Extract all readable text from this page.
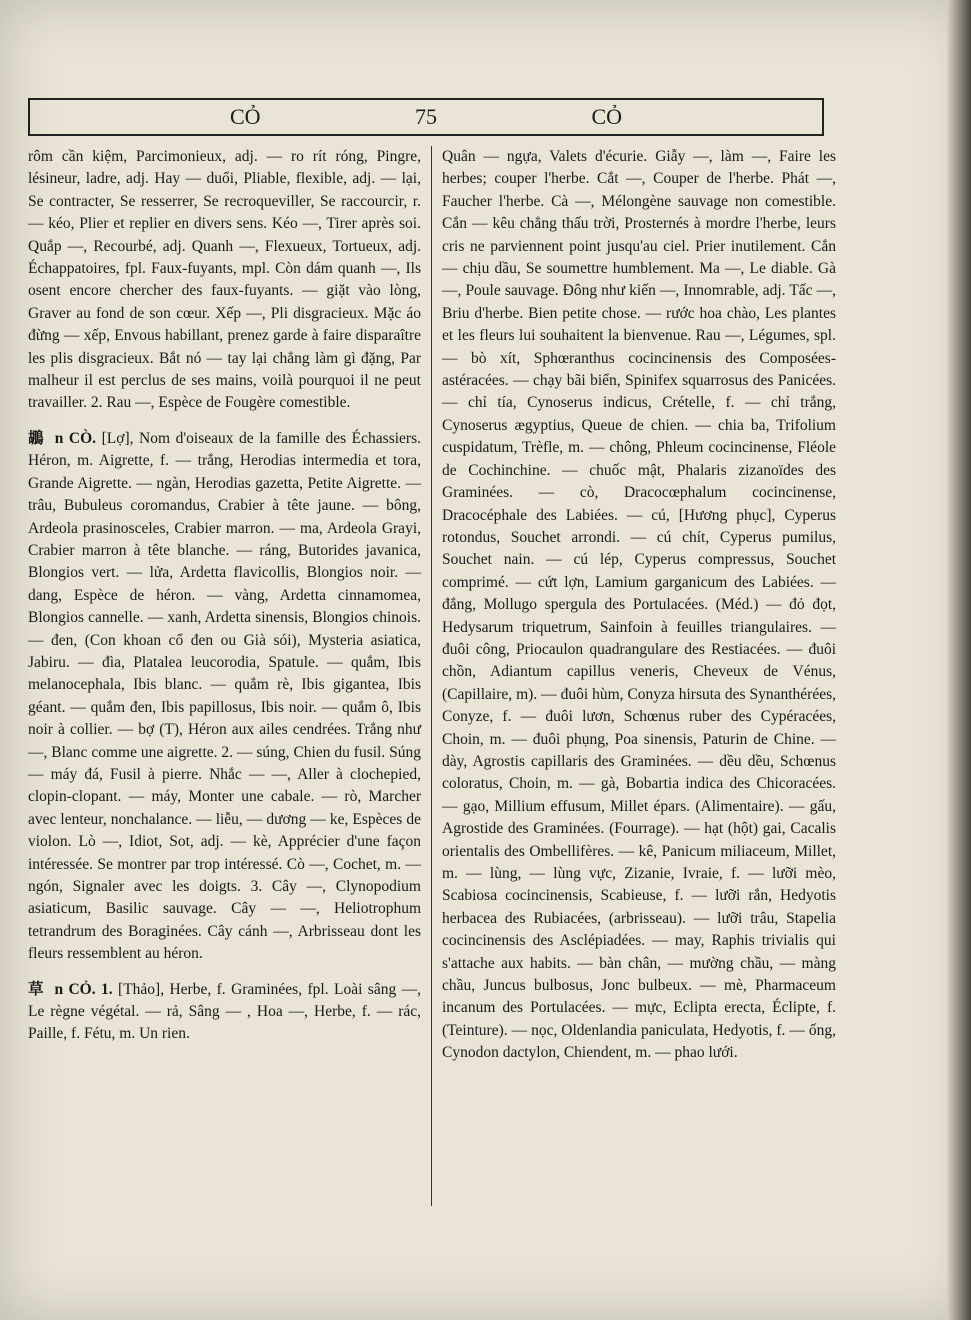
CỎ	75	CỎ

rôm cần kiệm, Parcimonieux, adj. — ro rít róng, Pingre, lésineur, ladre, adj. Hay — duổi, Pliable, flexible, adj. — lại, Se contracter, Se resserrer, Se recroqueviller, Se raccourcir, r. — kéo, Plier et replier en divers sens. Kéo —, Tirer après soi. Quắp —, Recourbé, adj. Quanh —, Flexueux, Tortueux, adj. Échappatoires, fpl. Faux-fuyants, mpl. Còn dám quanh —, Ils osent encore chercher des faux-fuyants. — giặt vào lòng, Graver au fond de son cœur. Xếp —, Pli disgracieux. Mặc áo đừng — xếp, Envous habillant, prenez garde à faire disparaître les plis disgracieux. Bắt nó — tay lại chẳng làm gì đặng, Par malheur il est perclus de ses mains, voilà pourquoi il ne peut travailler. 2. Rau —, Espèce de Fougère comestible.

鶘 n CÒ. [Lợ], Nom d'oiseaux de la famille des Échassiers. Héron, m. Aigrette, f. — trắng, Herodias intermedia et tora, Grande Aigrette. — ngàn, Herodias gazetta, Petite Aigrette. — trâu, Bubuleus coromandus, Crabier à tête jaune. — bông, Ardeola prasinosceles, Crabier marron. — ma, Ardeola Grayi, Crabier marron à tête blanche. — ráng, Butorides javanica, Blongios vert. — lửa, Ardetta flavicollis, Blongios noir. — dang, Espèce de héron. — vàng, Ardetta cinnamomea, Blongios cannelle. — xanh, Ardetta sinensis, Blongios chinois. — đen, (Con khoan cổ đen ou Già sói), Mysteria asiatica, Jabiru. — đìa, Platalea leucorodia, Spatule. — quắm, Ibis melanocephala, Ibis blanc. — quắm rè, Ibis gigantea, Ibis géant. — quắm đen, Ibis papillosus, Ibis noir. — quắm ô, Ibis noir à collier. — bợ (T), Héron aux ailes cendrées. Trắng như —, Blanc comme une aigrette. 2. — súng, Chien du fusil. Súng — máy đá, Fusil à pierre. Nhắc — —, Aller à clochepied, clopin-clopant. — máy, Monter une cabale. — rò, Marcher avec lenteur, nonchalance. — liễu, — dương — ke, Espèces de violon. Lò —, Idiot, Sot, adj. — kè, Apprécier d'une façon intéressée. Se montrer par trop intéressé. Cò —, Cochet, m. — ngón, Signaler avec les doigts. 3. Cây —, Clynopodium asiaticum, Basilic sauvage. Cây — —, Heliotrophum tetrandrum des Boraginées. Cây cánh —, Arbrisseau dont les fleurs ressemblent au héron.

草 n CỎ. 1. [Thảo], Herbe, f. Graminées, fpl. Loài sâng —, Le règne végétal. — rả, Sâng — , Hoa —, Herbe, f. — rác, Paille, f. Fétu, m. Un rien.

Quân — ngựa, Valets d'écurie. Giẫy —, làm —, Faire les herbes; couper l'herbe. Cắt —, Couper de l'herbe. Phát —, Faucher l'herbe. Cà —, Mélongène sauvage non comestible. Cắn — kêu chẳng thấu trời, Prosternés à mordre l'herbe, leurs cris ne parviennent point jusqu'au ciel. Prier inutilement. Cắn — chịu dầu, Se soumettre humblement. Ma —, Le diable. Gà —, Poule sauvage. Đông như kiến —, Innomrable, adj. Tấc —, Briu d'herbe. Bien petite chose. — rước hoa chào, Les plantes et les fleurs lui souhaitent la bienvenue. Rau —, Légumes, spl. — bò xít, Sphœranthus cocincinensis des Composées-astéracées. — chạy bãi biển, Spinifex squarrosus des Panicées. — chỉ tía, Cynoserus indicus, Crételle, f. — chỉ trắng, Cynoserus ægyptius, Queue de chien. — chia ba, Trifolium cuspidatum, Trèfle, m. — chông, Phleum cocincinense, Fléole de Cochinchine. — chuốc mật, Phalaris zizanoïdes des Graminées. — cò, Dracocœphalum cocincinense, Dracocéphale des Labiées. — cú, [Hương phục], Cyperus rotondus, Souchet arrondi. — cú chít, Cyperus pumilus, Souchet nain. — cú lép, Cyperus compressus, Souchet comprimé. — cứt lợn, Lamium garganicum des Labiées. — đắng, Mollugo spergula des Portulacées. (Méd.) — đỏ đọt, Hedysarum triquetrum, Sainfoin à feuilles triangulaires. — đuôi công, Priocaulon quadrangulare des Restiacées. — đuôi chồn, Adiantum capillus veneris, Cheveux de Vénus, (Capillaire, m). — đuôi hùm, Conyza hirsuta des Synanthérées, Conyze, f. — đuôi lươn, Schœnus ruber des Cypéracées, Choin, m. — đuôi phụng, Poa sinensis, Paturin de Chine. — dày, Agrostis capillaris des Graminées. — dều dều, Schœnus coloratus, Choin, m. — gà, Bobartia indica des Chicoracées. — gạo, Millium effusum, Millet épars. (Alimentaire). — gấu, Agrostide des Graminées. (Fourrage). — hạt (hột) gai, Cacalis orientalis des Ombellifères. — kê, Panicum miliaceum, Millet, m. — lùng, — lùng vực, Zizanie, Ivraie, f. — lưỡi mèo, Scabiosa cocincinensis, Scabieuse, f. — lưỡi rắn, Hedyotis herbacea des Rubiacées, (arbrisseau). — lưỡi trâu, Stapelia cocincinensis des Asclépiadées. — may, Raphis trivialis qui s'attache aux habits. — bàn chân, — mường chầu, — màng chầu, Juncus bulbosus, Jonc bulbeux. — mè, Pharmaceum incanum des Portulacées. — mực, Eclipta erecta, Éclipte, f. (Teinture). — nọc, Oldenlandia paniculata, Hedyotis, f. — ống, Cynodon dactylon, Chiendent, m. — phao lưới.
